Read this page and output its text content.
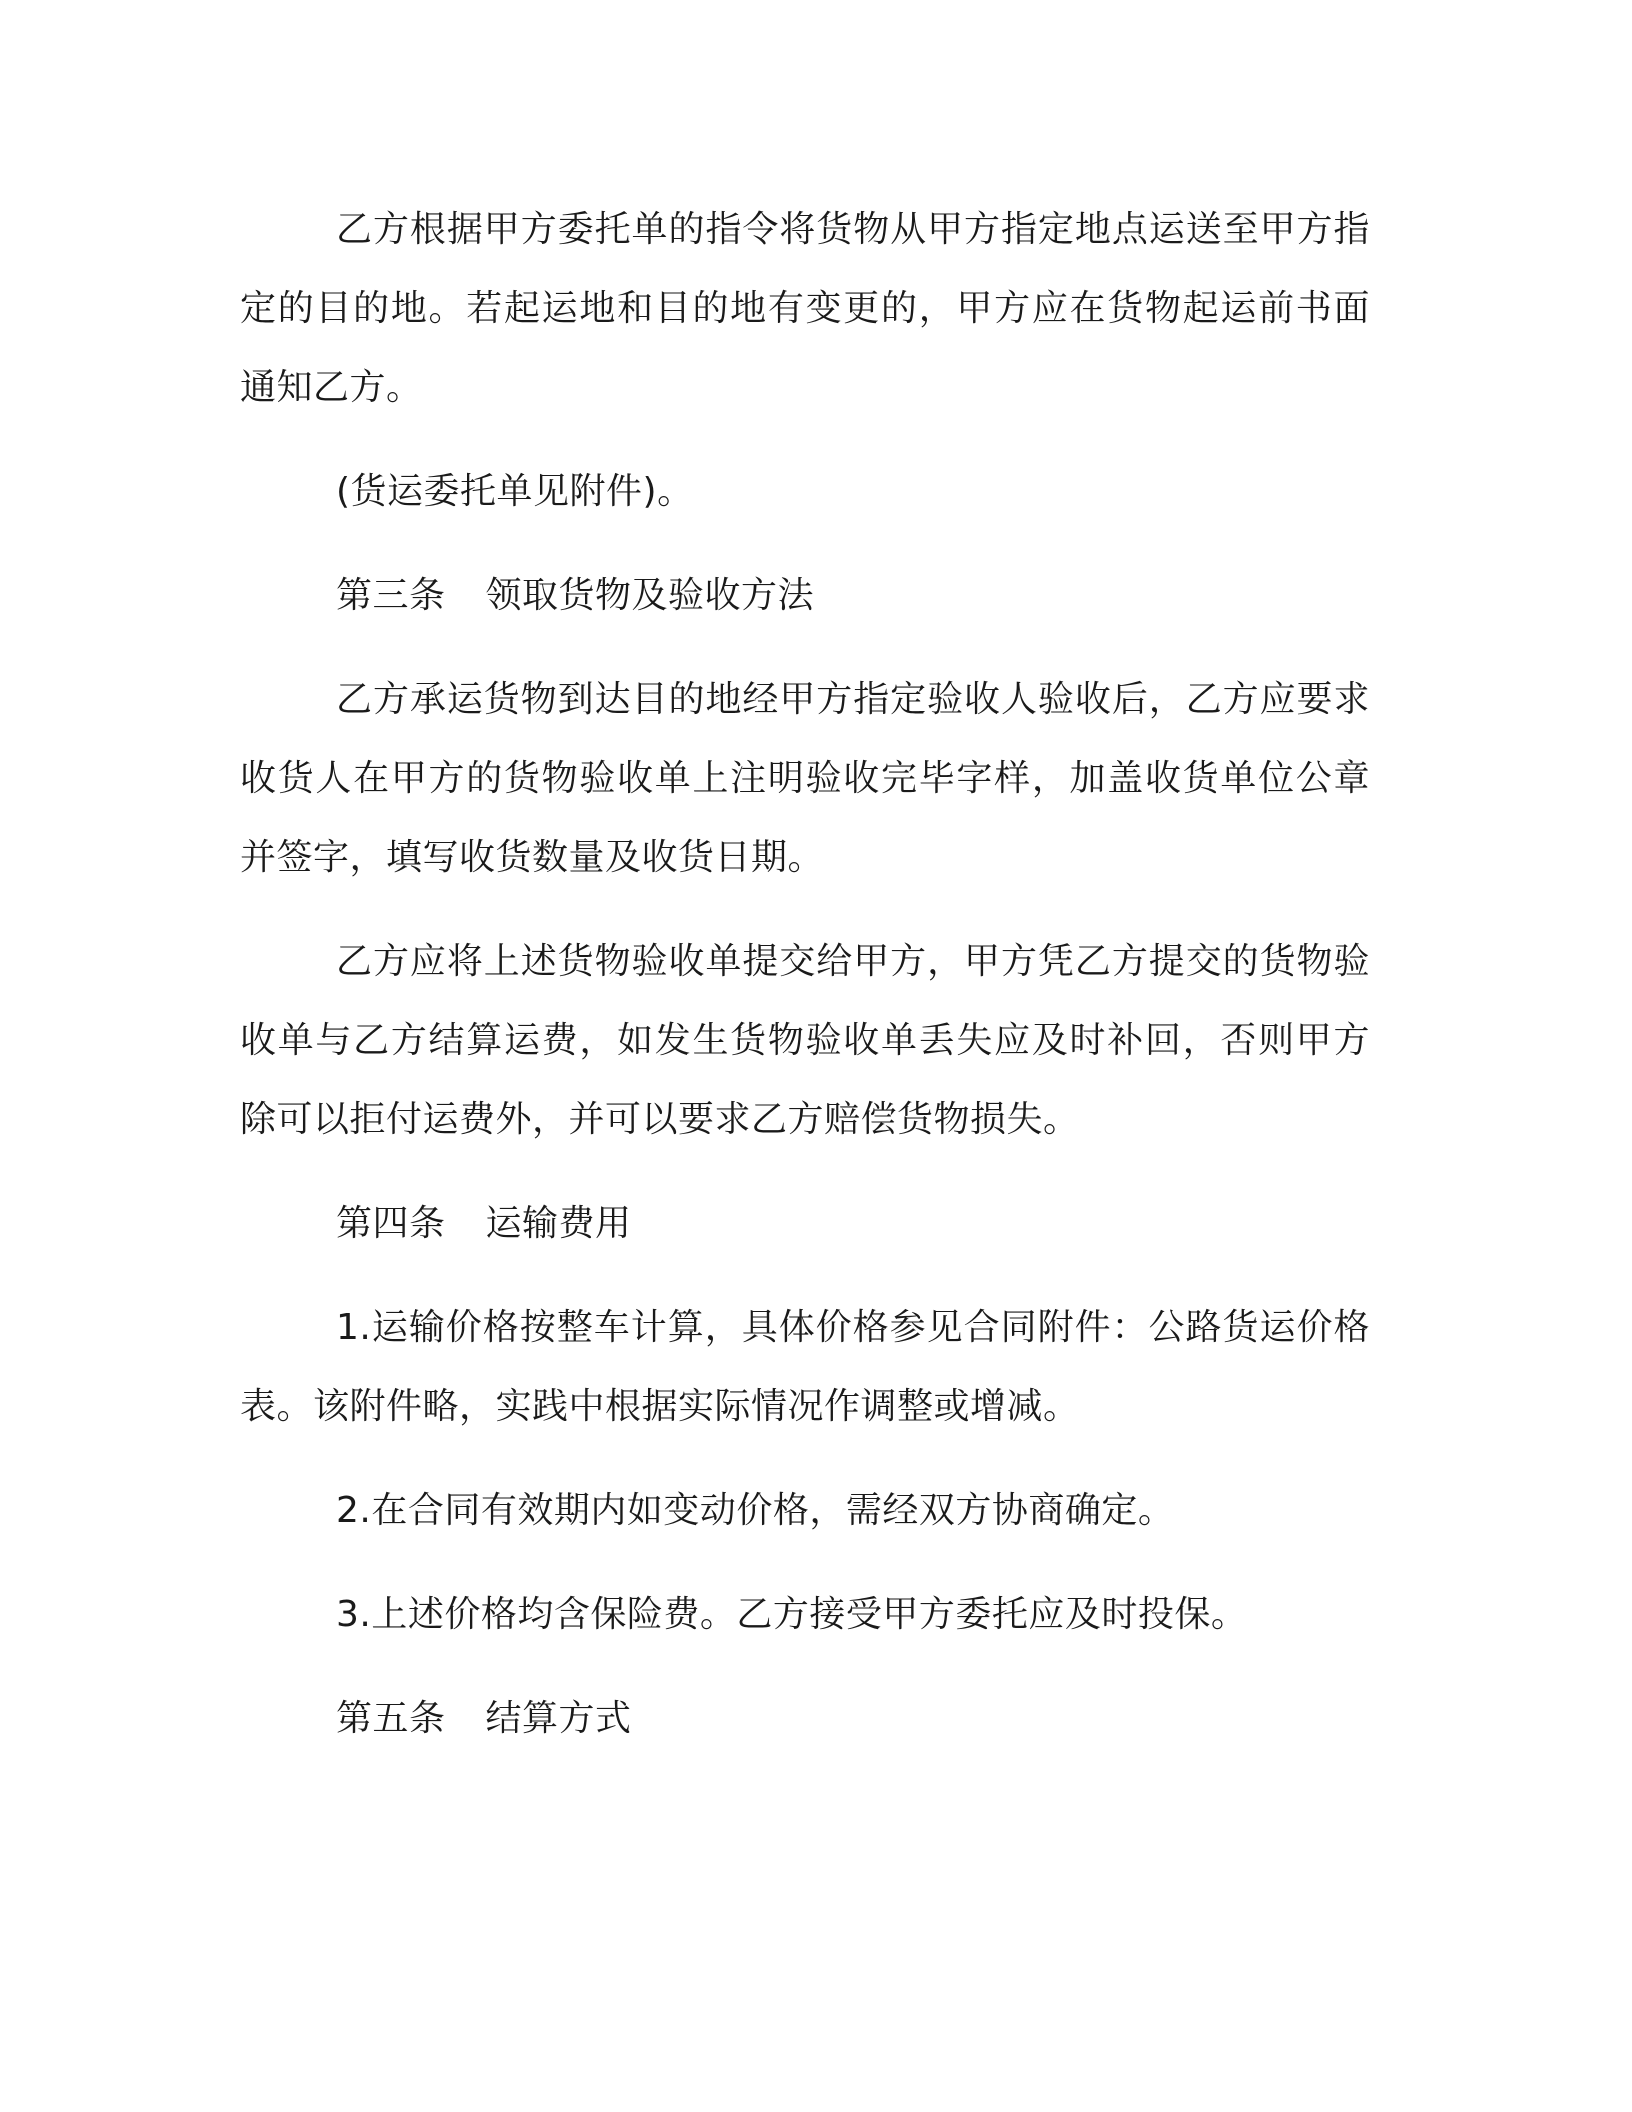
乙方根据甲方委托单的指令将货物从甲方指定地点运送至甲方指定的目的地。若起运地和目的地有变更的，甲方应在货物起运前书面通知乙方。

(货运委托单见附件)。

第三条 领取货物及验收方法

乙方承运货物到达目的地经甲方指定验收人验收后，乙方应要求收货人在甲方的货物验收单上注明验收完毕字样，加盖收货单位公章并签字，填写收货数量及收货日期。

乙方应将上述货物验收单提交给甲方，甲方凭乙方提交的货物验收单与乙方结算运费，如发生货物验收单丢失应及时补回，否则甲方除可以拒付运费外，并可以要求乙方赔偿货物损失。

第四条 运输费用

1.运输价格按整车计算，具体价格参见合同附件：公路货运价格表。该附件略，实践中根据实际情况作调整或增减。

2.在合同有效期内如变动价格，需经双方协商确定。

3.上述价格均含保险费。乙方接受甲方委托应及时投保。

第五条 结算方式
